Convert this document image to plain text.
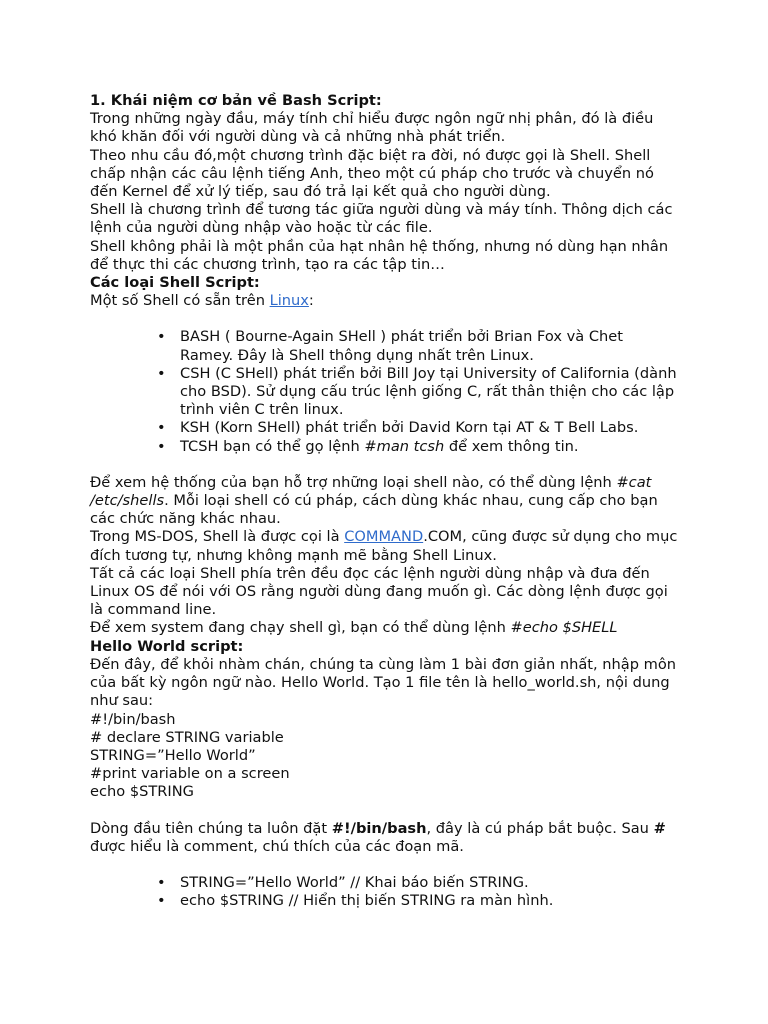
1. Khái niệm cơ bản về Bash Script:

Trong những ngày đầu, máy tính chỉ hiểu được ngôn ngữ nhị phân, đó là điều khó khăn đối với người dùng và cả những nhà phát triển.

Theo nhu cầu đó,một chương trình đặc biệt ra đời, nó được gọi là Shell. Shell chấp nhận các câu lệnh tiếng Anh, theo một cú pháp cho trước và chuyển nó đến Kernel để xử lý tiếp, sau đó trả lại kết quả cho người dùng.

Shell là chương trình để tương tác giữa người dùng và máy tính. Thông dịch các lệnh của người dùng nhập vào hoặc từ các file.

Shell không phải là một phần của hạt nhân hệ thống, nhưng nó dùng hạn nhân để thực thi các chương trình, tạo ra các tập tin…

Các loại Shell Script:

Một số Shell có sẵn trên Linux:

• BASH ( Bourne-Again SHell ) phát triển bởi Brian Fox và Chet Ramey. Đây là Shell thông dụng nhất trên Linux.
• CSH (C SHell) phát triển bởi Bill Joy tại University of California (dành cho BSD). Sử dụng cấu trúc lệnh giống C, rất thân thiện cho các lập trình viên C trên linux.
• KSH (Korn SHell) phát triển bởi David Korn tại AT & T Bell Labs.
• TCSH bạn có thể gọ lệnh #man tcsh để xem thông tin.

Để xem hệ thống của bạn hỗ trợ những loại shell nào, có thể dùng lệnh #cat /etc/shells. Mỗi loại shell có cú pháp, cách dùng khác nhau, cung cấp cho bạn các chức năng khác nhau.

Trong MS-DOS, Shell là được cọi là COMMAND.COM, cũng được sử dụng cho mục đích tương tự, nhưng không mạnh mẽ bằng Shell Linux.

Tất cả các loại Shell phía trên đều đọc các lệnh người dùng nhập và đưa đến Linux OS để nói với OS rằng người dùng đang muốn gì. Các dòng lệnh được gọi là command line.

Để xem system đang chạy shell gì, bạn có thể dùng lệnh #echo $SHELL

Hello World script:

Đến đây, để khỏi nhàm chán, chúng ta cùng làm 1 bài đơn giản nhất, nhập môn của bất kỳ ngôn ngữ nào. Hello World. Tạo 1 file tên là hello_world.sh, nội dung như sau:

#!/bin/bash

# declare STRING variable

STRING=”Hello World”

#print variable on a screen

echo $STRING

Dòng đầu tiên chúng ta luôn đặt #!/bin/bash, đây là cú pháp bắt buộc. Sau # được hiểu là comment, chú thích của các đoạn mã.

• STRING=”Hello World” // Khai báo biến STRING.
• echo $STRING // Hiển thị biến STRING ra màn hình.
